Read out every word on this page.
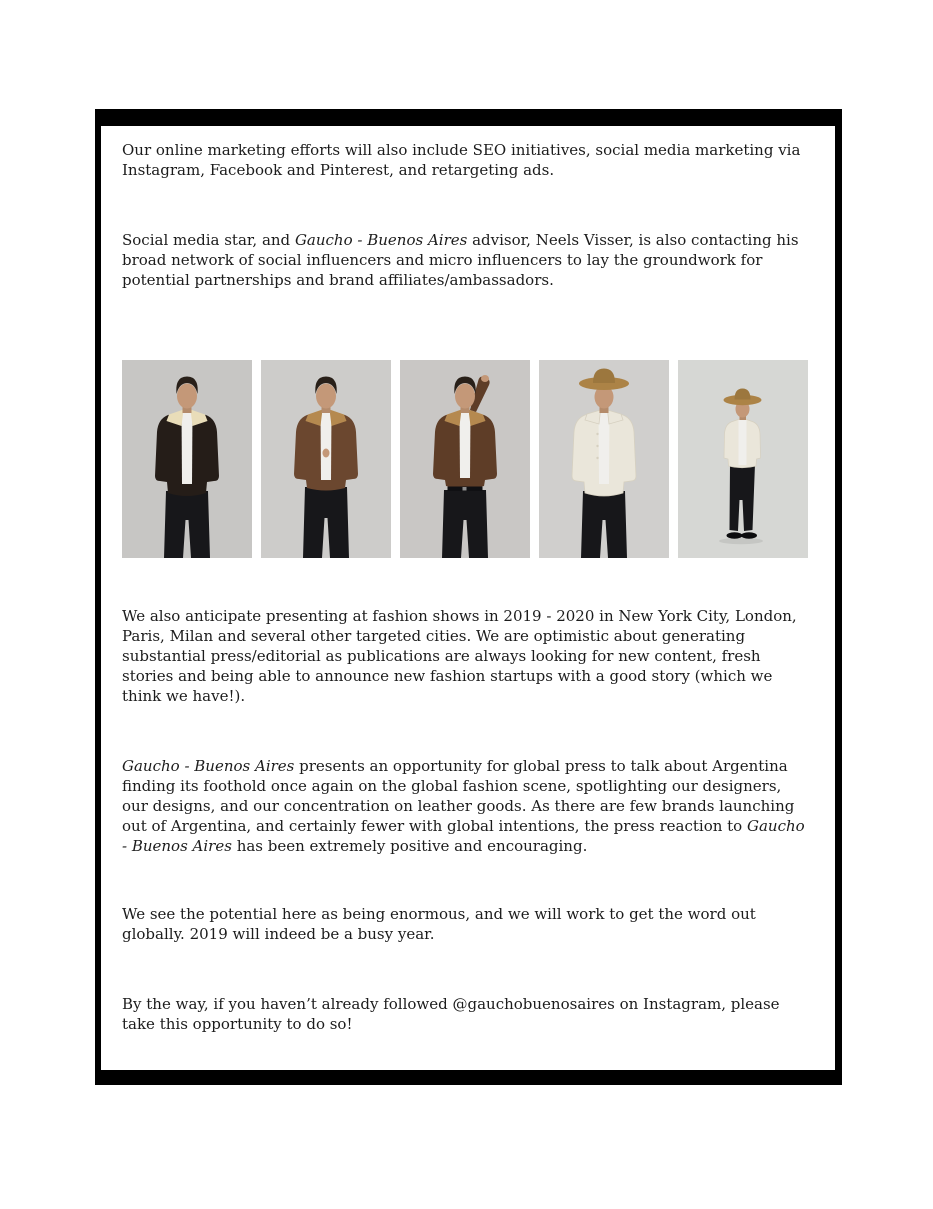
Our online marketing efforts will also include SEO initiatives, social media marketing via Instagram, Facebook and Pinterest, and retargeting ads.

Social media star, and Gaucho - Buenos Aires advisor, Neels Visser, is also contacting his broad network of social influencers and micro influencers to lay the groundwork for potential partnerships and brand affiliates/ambassadors.

We also anticipate presenting at fashion shows in 2019 - 2020 in New York City, London, Paris, Milan and several other targeted cities. We are optimistic about generating substantial press/editorial as publications are always looking for new content, fresh stories and being able to announce new fashion startups with a good story (which we think we have!).

Gaucho - Buenos Aires presents an opportunity for global press to talk about Argentina finding its foothold once again on the global fashion scene, spotlighting our designers, our designs, and our concentration on leather goods. As there are few brands launching out of Argentina, and certainly fewer with global intentions, the press reaction to Gaucho - Buenos Aires has been extremely positive and encouraging.

We see the potential here as being enormous, and we will work to get the word out globally. 2019 will indeed be a busy year.

By the way, if you haven’t already followed @gauchobuenosaires on Instagram, please take this opportunity to do so!
